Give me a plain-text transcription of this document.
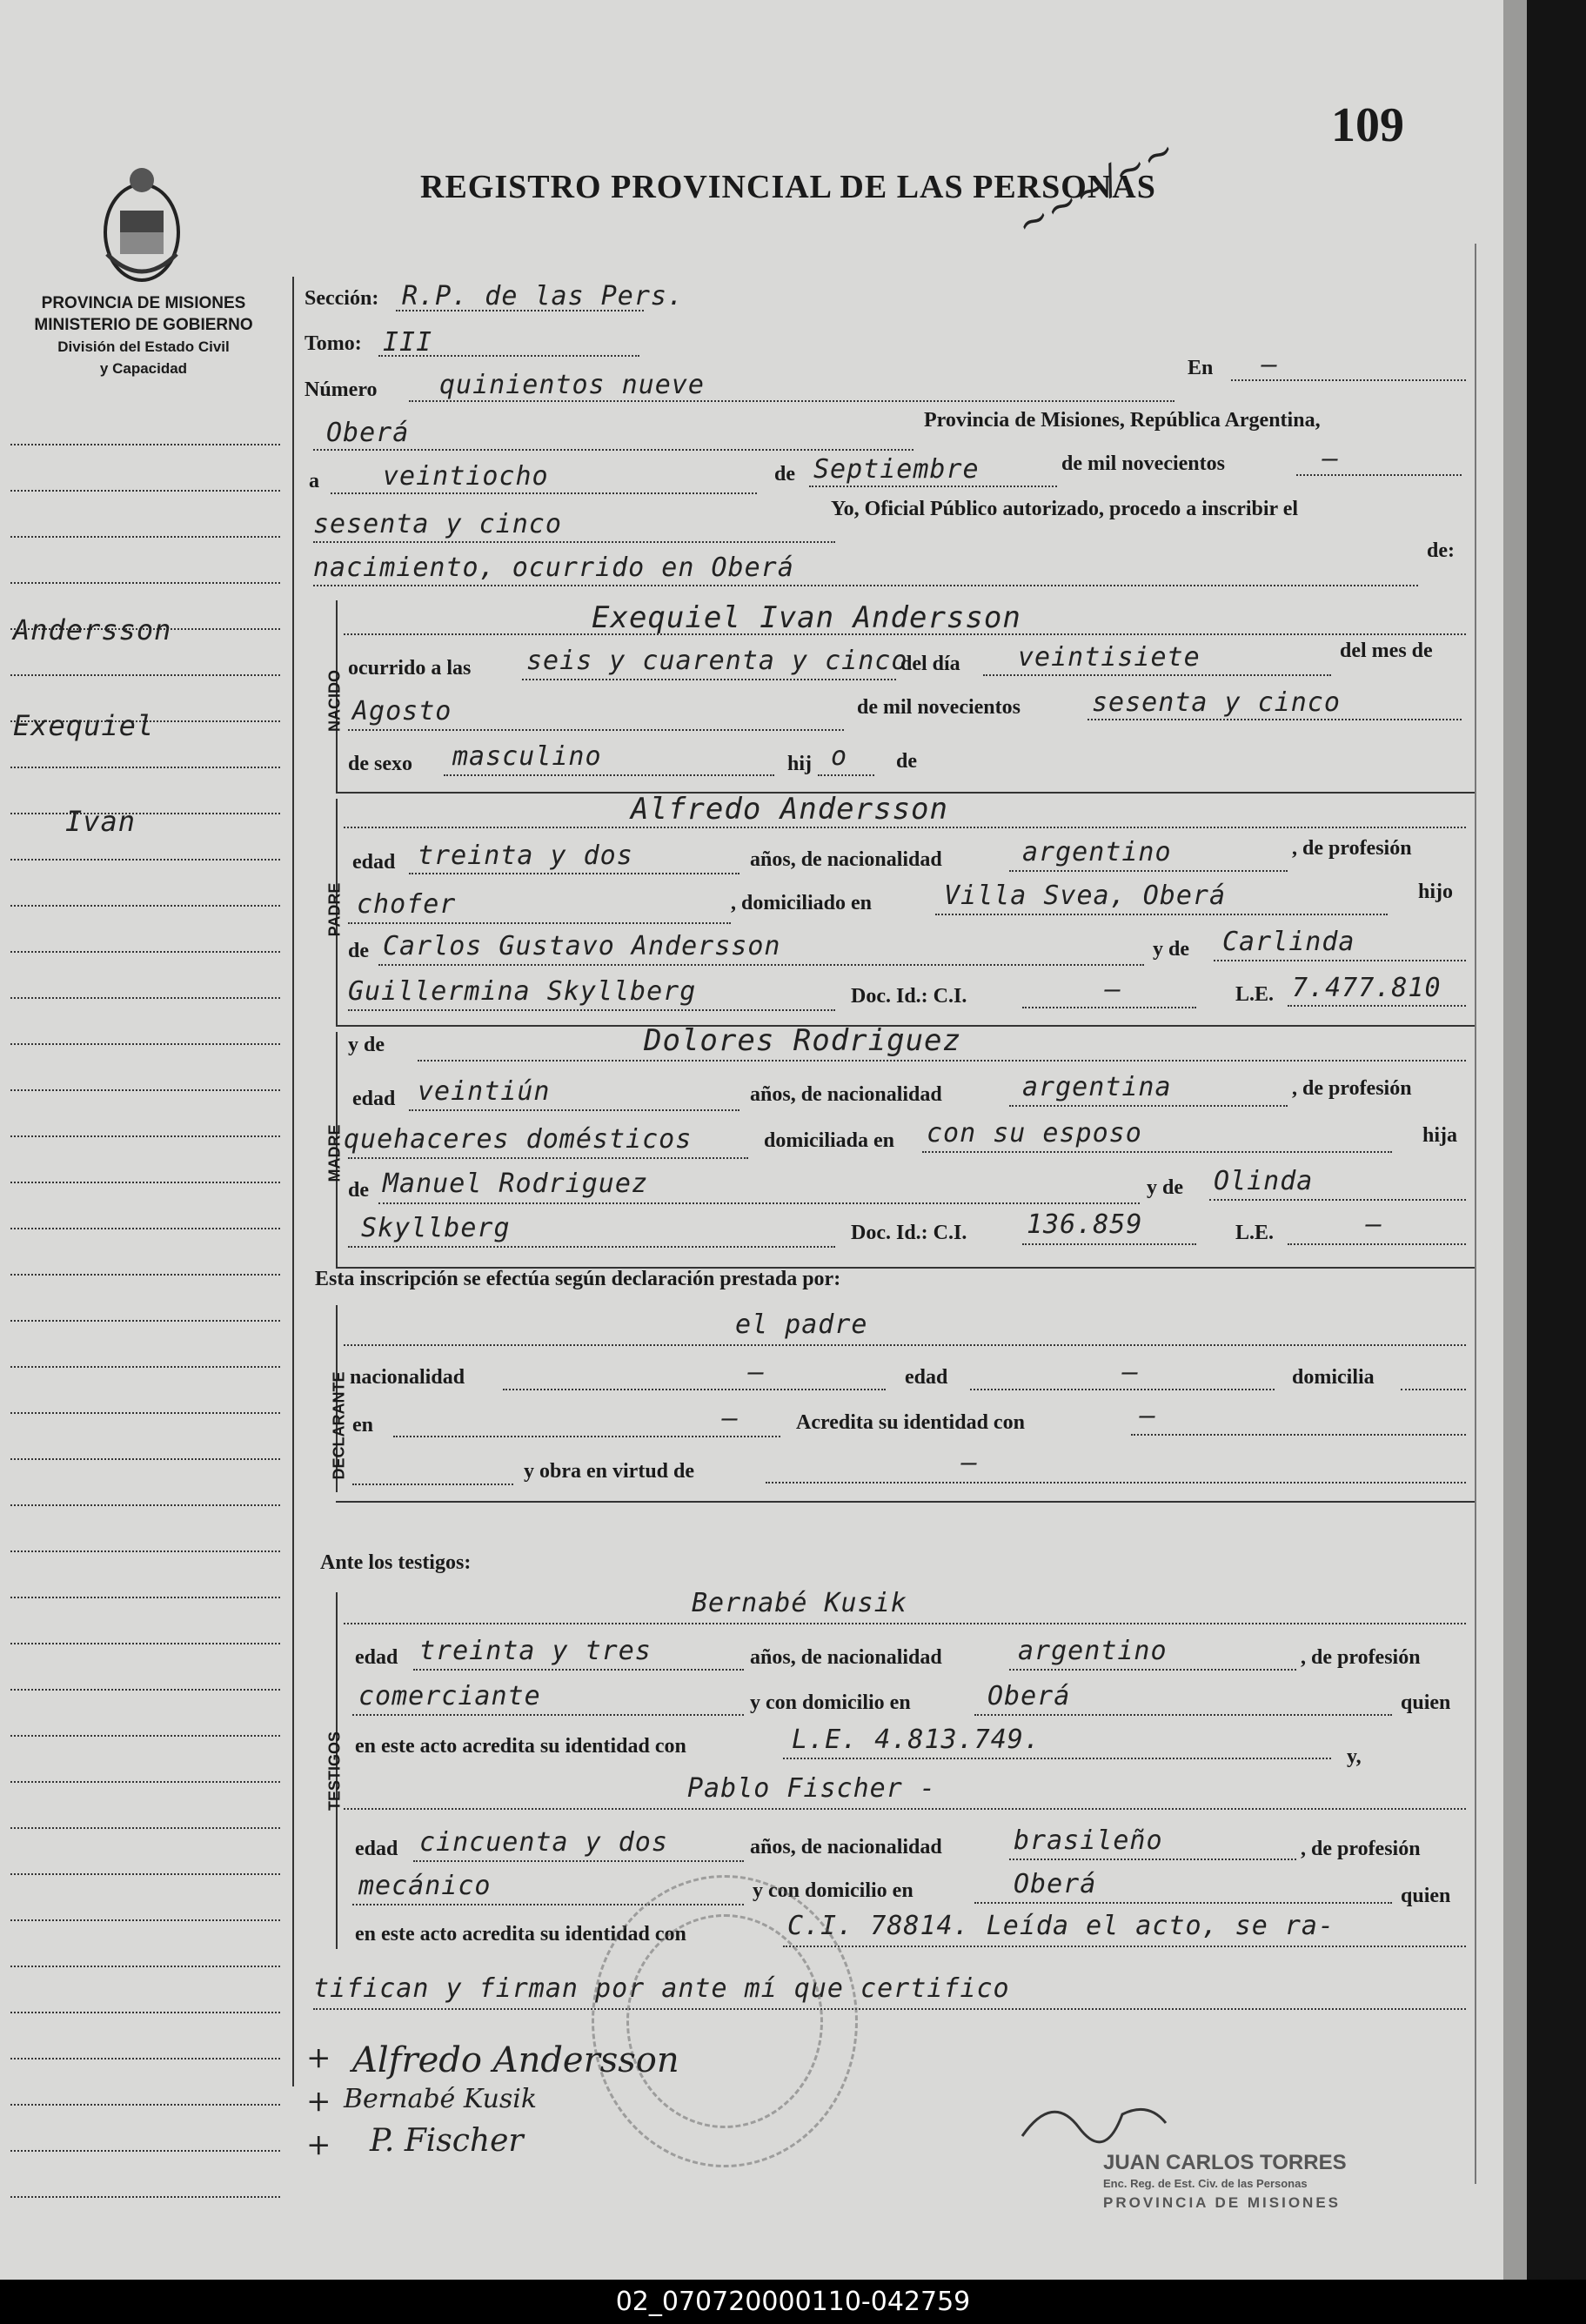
REGISTRO PROVINCIAL DE LAS PERSONAS
109
~~~/~~
PROVINCIA DE MISIONES
MINISTERIO DE GOBIERNO
División del Estado Civil
y Capacidad
Andersson
Exequiel
Ivan
Sección: R.P. de las Pers.
Tomo: III
Número quinientos nueve
En —
Oberá	Provincia de Misiones, República Argentina,
a veintiocho	de Septiembre	de mil novecientos	—
sesenta y cinco	Yo, Oficial Público autorizado, procedo a inscribir el
nacimiento, ocurrido en Oberá
de:
NACIDO
Exequiel Ivan Andersson
ocurrido a las seis y cuarenta y cinco
del día veintisiete	del mes de
Agosto	de mil novecientos	sesenta y cinco
de sexo masculino	hij o de
PADRE
Alfredo Andersson
edad treinta y dos	años, de nacionalidad	argentino	, de profesión
chofer	, domiciliado en	Villa Svea, Oberá	hijo
de Carlos Gustavo Andersson	y de Carlinda
Guillermina Skyllberg	Doc. Id.: C.I.	—	L.E. 7.477.810
MADRE
y de	Dolores Rodriguez
edad veintiún	años, de nacionalidad	argentina	, de profesión
quehaceres domésticos	domiciliada en con su esposo	hija
de Manuel Rodriguez	y de Olinda
Skyllberg	Doc. Id.: C.I. 136.859	L.E.	—
Esta inscripción se efectúa según declaración prestada por:
DECLARANTE
el padre
nacionalidad	—	edad	—	domicilia
en	—	Acredita su identidad con	—
y obra en virtud de	—
Ante los testigos:
TESTIGOS
Bernabé Kusik
edad treinta y tres	años, de nacionalidad	argentino	, de profesión
comerciante	y con domicilio en	Oberá	quien
en este acto acredita su identidad con	L.E. 4.813.749.
y,
Pablo Fischer -
edad cincuenta y dos	años, de nacionalidad	brasileño	, de profesión
mecánico	y con domicilio en	Oberá	quien
en este acto acredita su identidad con	C.I. 78814. Leída el acto, se ra-
tifican y firman por ante mí que certifico
+ Alfredo Andersson
+ Bernabé Kusik
+ P. Fischer
JUAN CARLOS TORRES
Enc. Reg. de Est. Civ. de las Personas
PROVINCIA DE MISIONES
02_070720000110-042759
